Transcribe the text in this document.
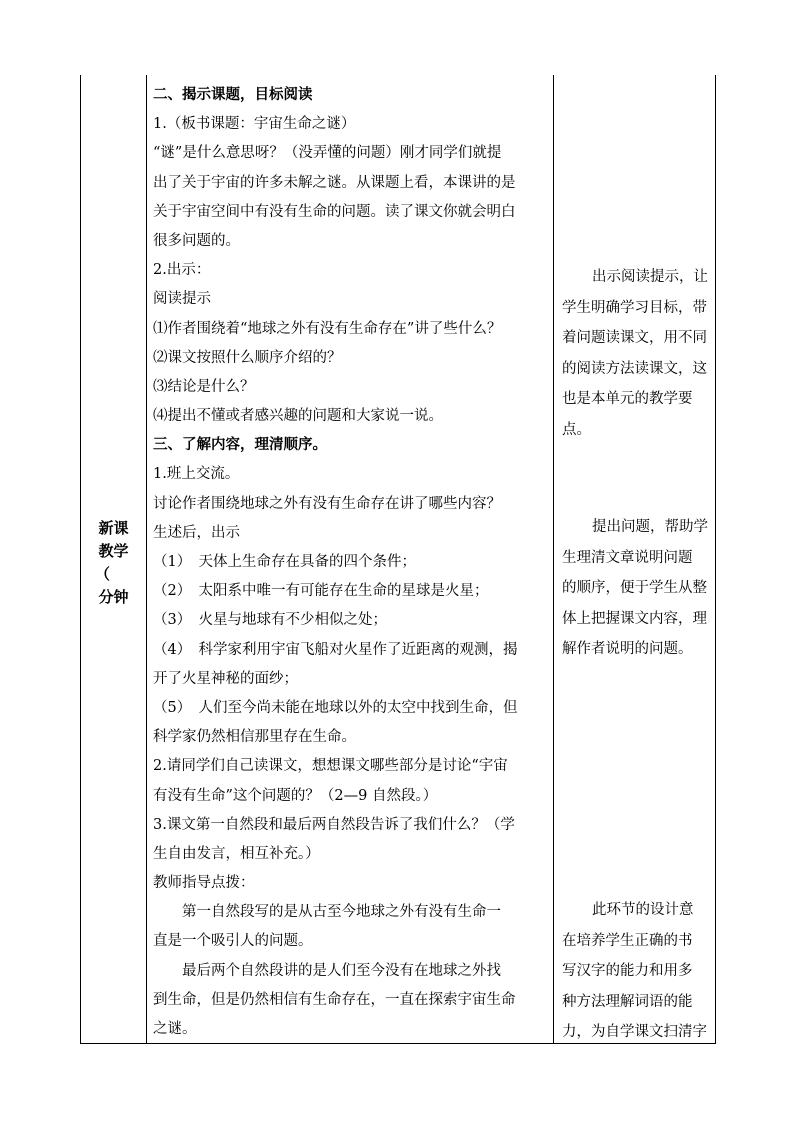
新课
教学
（
分钟
二、揭示课题，目标阅读
1.（板书课题：宇宙生命之谜）
“谜”是什么意思呀？（没弄懂的问题）刚才同学们就提
出了关于宇宙的许多未解之谜。从课题上看，本课讲的是
关于宇宙空间中有没有生命的问题。读了课文你就会明白
很多问题的。
2.出示：
阅读提示
⑴作者围绕着“地球之外有没有生命存在”讲了些什么？
⑵课文按照什么顺序介绍的？
⑶结论是什么？
⑷提出不懂或者感兴趣的问题和大家说一说。
三、了解内容，理清顺序。
1.班上交流。
讨论作者围绕地球之外有没有生命存在讲了哪些内容？
生述后，出示
（1）　天体上生命存在具备的四个条件；
（2）　太阳系中唯一有可能存在生命的星球是火星；
（3）　火星与地球有不少相似之处；
（4）　科学家利用宇宙飞船对火星作了近距离的观测，揭
开了火星神秘的面纱；
（5）　人们至今尚未能在地球以外的太空中找到生命，但
科学家仍然相信那里存在生命。
2.请同学们自己读课文，想想课文哪些部分是讨论“宇宙
有没有生命”这个问题的？（2—9 自然段。）
3.课文第一自然段和最后两自然段告诉了我们什么？（学
生自由发言，相互补充。）
教师指导点拨：
第一自然段写的是从古至今地球之外有没有生命一
直是一个吸引人的问题。
最后两个自然段讲的是人们至今没有在地球之外找
到生命，但是仍然相信有生命存在，一直在探索宇宙生命
之谜。
出示阅读提示，让
学生明确学习目标，带
着问题读课文，用不同
的阅读方法读课文，这
也是本单元的教学要
点。
提出问题，帮助学
生理清文章说明问题
的顺序，便于学生从整
体上把握课文内容，理
解作者说明的问题。
此环节的设计意
在培养学生正确的书
写汉字的能力和用多
种方法理解词语的能
力，为自学课文扫清字
